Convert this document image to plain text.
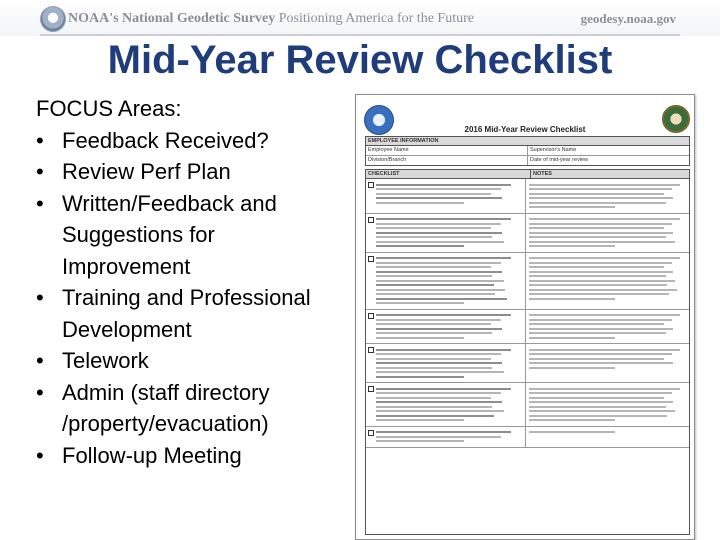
NOAA's National Geodetic Survey Positioning America for the Future	geodesy.noaa.gov
Mid-Year Review Checklist

FOCUS Areas:

• Feedback Received?
• Review Perf Plan
• Written/Feedback and Suggestions for Improvement
• Training and Professional Development
• Telework
• Admin (staff directory /property/evacuation)
• Follow-up Meeting
2016 Mid-Year Review Checklist
EMPLOYEE INFORMATION
Employee Name	Supervisor's Name
Division/Branch	Date of mid-year review
CHECKLIST	NOTES
